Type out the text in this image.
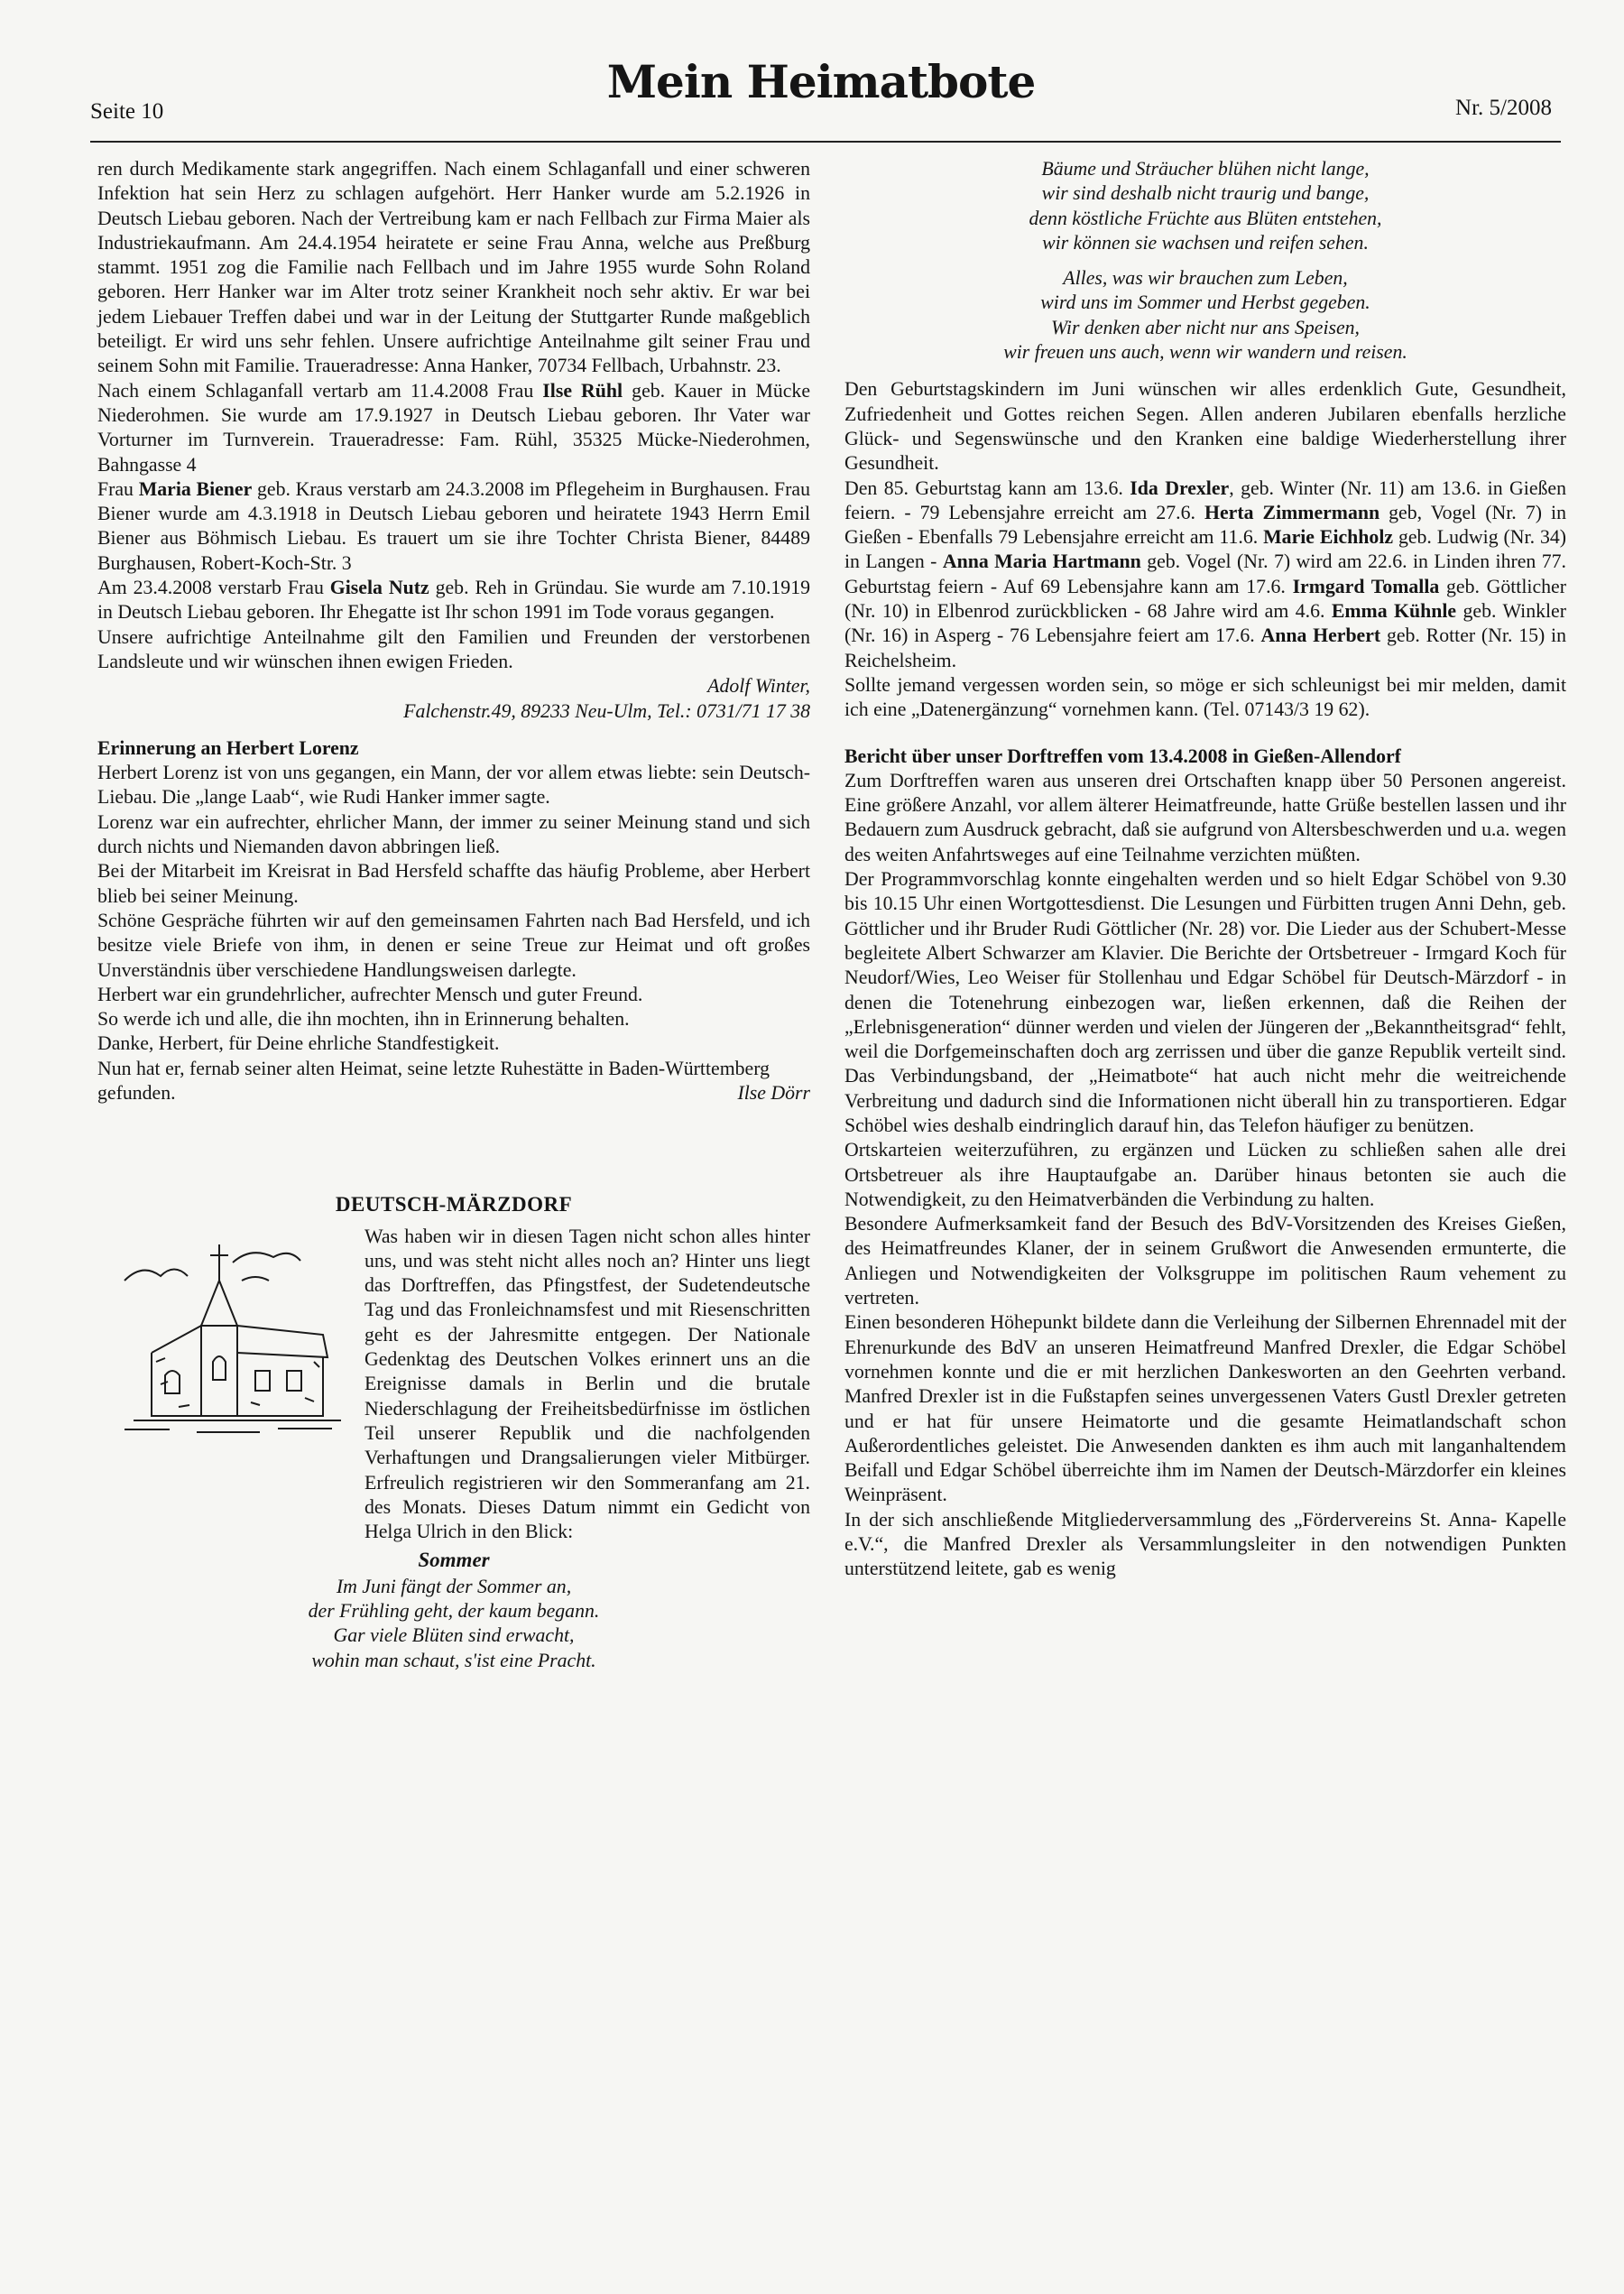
Seite 10
Mein Heimatbote	Nr. 5/2008

ren durch Medikamente stark angegriffen. Nach einem Schlaganfall und einer schweren Infektion hat sein Herz zu schlagen aufgehört. Herr Hanker wurde am 5.2.1926 in Deutsch Liebau geboren. Nach der Vertreibung kam er nach Fellbach zur Firma Maier als Industriekaufmann. Am 24.4.1954 heiratete er seine Frau Anna, welche aus Preßburg stammt. 1951 zog die Familie nach Fellbach und im Jahre 1955 wurde Sohn Roland geboren. Herr Hanker war im Alter trotz seiner Krankheit noch sehr aktiv. Er war bei jedem Liebauer Treffen dabei und war in der Leitung der Stuttgarter Runde maßgeblich beteiligt. Er wird uns sehr fehlen. Unsere aufrichtige Anteilnahme gilt seiner Frau und seinem Sohn mit Familie. Traueradresse: Anna Hanker, 70734 Fellbach, Urbahnstr. 23.

Nach einem Schlaganfall vertarb am 11.4.2008 Frau Ilse Rühl geb. Kauer in Mücke Niederohmen. Sie wurde am 17.9.1927 in Deutsch Liebau geboren. Ihr Vater war Vorturner im Turnverein. Traueradresse: Fam. Rühl, 35325 Mücke-Niederohmen, Bahngasse 4

Frau Maria Biener geb. Kraus verstarb am 24.3.2008 im Pflegeheim in Burghausen. Frau Biener wurde am 4.3.1918 in Deutsch Liebau geboren und heiratete 1943 Herrn Emil Biener aus Böhmisch Liebau. Es trauert um sie ihre Tochter Christa Biener, 84489 Burghausen, Robert-Koch-Str. 3

Am 23.4.2008 verstarb Frau Gisela Nutz geb. Reh in Gründau. Sie wurde am 7.10.1919 in Deutsch Liebau geboren. Ihr Ehegatte ist Ihr schon 1991 im Tode voraus gegangen.

Unsere aufrichtige Anteilnahme gilt den Familien und Freunden der verstorbenen Landsleute und wir wünschen ihnen ewigen Frieden.

Adolf Winter,

Falchenstr.49, 89233 Neu-Ulm, Tel.: 0731/71 17 38

Erinnerung an Herbert Lorenz

Herbert Lorenz ist von uns gegangen, ein Mann, der vor allem etwas liebte: sein Deutsch-Liebau. Die „lange Laab“, wie Rudi Hanker immer sagte.

Lorenz war ein aufrechter, ehrlicher Mann, der immer zu seiner Meinung stand und sich durch nichts und Niemanden davon abbringen ließ.

Bei der Mitarbeit im Kreisrat in Bad Hersfeld schaffte das häufig Probleme, aber Herbert blieb bei seiner Meinung.

Schöne Gespräche führten wir auf den gemeinsamen Fahrten nach Bad Hersfeld, und ich besitze viele Briefe von ihm, in denen er seine Treue zur Heimat und oft großes Unverständnis über verschiedene Handlungsweisen darlegte.

Herbert war ein grundehrlicher, aufrechter Mensch und guter Freund.

So werde ich und alle, die ihn mochten, ihn in Erinnerung behalten.

Danke, Herbert, für Deine ehrliche Standfestigkeit.

Nun hat er, fernab seiner alten Heimat, seine letzte Ruhestätte in Baden-Württemberg gefunden.	Ilse Dörr

DEUTSCH-MÄRZDORF

Was haben wir in diesen Tagen nicht schon alles hinter uns, und was steht nicht alles noch an? Hinter uns liegt das Dorftreffen, das Pfingstfest, der Sudetendeutsche Tag und das Fronleichnamsfest und mit Riesenschritten geht es der Jahresmitte entgegen. Der Nationale Gedenktag des Deutschen Volkes erinnert uns an die Ereignisse damals in Berlin und die brutale Niederschlagung der Freiheitsbedürfnisse im östlichen Teil unserer Republik und die nachfolgenden Verhaftungen und Drangsalierungen vieler Mitbürger. Erfreulich registrieren wir den Sommeranfang am 21. des Monats. Dieses Datum nimmt ein Gedicht von Helga Ulrich in den Blick:

Sommer

Im Juni fängt der Sommer an,

der Frühling geht, der kaum begann.

Gar viele Blüten sind erwacht,

wohin man schaut, s'ist eine Pracht.

Bäume und Sträucher blühen nicht lange,

wir sind deshalb nicht traurig und bange,

denn köstliche Früchte aus Blüten entstehen,

wir können sie wachsen und reifen sehen.

Alles, was wir brauchen zum Leben,

wird uns im Sommer und Herbst gegeben.

Wir denken aber nicht nur ans Speisen,

wir freuen uns auch, wenn wir wandern und reisen.

Den Geburtstagskindern im Juni wünschen wir alles erdenklich Gute, Gesundheit, Zufriedenheit und Gottes reichen Segen. Allen anderen Jubilaren ebenfalls herzliche Glück- und Segenswünsche und den Kranken eine baldige Wiederherstellung ihrer Gesundheit.

Den 85. Geburtstag kann am 13.6. Ida Drexler, geb. Winter (Nr. 11) am 13.6. in Gießen feiern. - 79 Lebensjahre erreicht am 27.6. Herta Zimmermann geb, Vogel (Nr. 7) in Gießen - Ebenfalls 79 Lebensjahre erreicht am 11.6. Marie Eichholz geb. Ludwig (Nr. 34) in Langen - Anna Maria Hartmann geb. Vogel (Nr. 7) wird am 22.6. in Linden ihren 77. Geburtstag feiern - Auf 69 Lebensjahre kann am 17.6. Irmgard Tomalla geb. Göttlicher (Nr. 10) in Elbenrod zurückblicken - 68 Jahre wird am 4.6. Emma Kühnle geb. Winkler (Nr. 16) in Asperg - 76 Lebensjahre feiert am 17.6. Anna Herbert geb. Rotter (Nr. 15) in Reichelsheim.

Sollte jemand vergessen worden sein, so möge er sich schleunigst bei mir melden, damit ich eine „Datenergänzung“ vornehmen kann. (Tel. 07143/3 19 62).

Bericht über unser Dorftreffen vom 13.4.2008 in Gießen-Allendorf

Zum Dorftreffen waren aus unseren drei Ortschaften knapp über 50 Personen angereist. Eine größere Anzahl, vor allem älterer Heimatfreunde, hatte Grüße bestellen lassen und ihr Bedauern zum Ausdruck gebracht, daß sie aufgrund von Altersbeschwerden und u.a. wegen des weiten Anfahrtsweges auf eine Teilnahme verzichten müßten.

Der Programmvorschlag konnte eingehalten werden und so hielt Edgar Schöbel von 9.30 bis 10.15 Uhr einen Wortgottesdienst. Die Lesungen und Fürbitten trugen Anni Dehn, geb. Göttlicher und ihr Bruder Rudi Göttlicher (Nr. 28) vor. Die Lieder aus der Schubert-Messe begleitete Albert Schwarzer am Klavier. Die Berichte der Ortsbetreuer - Irmgard Koch für Neudorf/Wies, Leo Weiser für Stollenhau und Edgar Schöbel für Deutsch-Märzdorf - in denen die Totenehrung einbezogen war, ließen erkennen, daß die Reihen der „Erlebnisgeneration“ dünner werden und vielen der Jüngeren der „Bekanntheitsgrad“ fehlt, weil die Dorfgemeinschaften doch arg zerrissen und über die ganze Republik verteilt sind. Das Verbindungsband, der „Heimatbote“ hat auch nicht mehr die weitreichende Verbreitung und dadurch sind die Informationen nicht überall hin zu transportieren. Edgar Schöbel wies deshalb eindringlich darauf hin, das Telefon häufiger zu benützen.

Ortskarteien weiterzuführen, zu ergänzen und Lücken zu schließen sahen alle drei Ortsbetreuer als ihre Hauptaufgabe an. Darüber hinaus betonten sie auch die Notwendigkeit, zu den Heimatverbänden die Verbindung zu halten.

Besondere Aufmerksamkeit fand der Besuch des BdV-Vorsitzenden des Kreises Gießen, des Heimatfreundes Klaner, der in seinem Grußwort die Anwesenden ermunterte, die Anliegen und Notwendigkeiten der Volksgruppe im politischen Raum vehement zu vertreten.

Einen besonderen Höhepunkt bildete dann die Verleihung der Silbernen Ehrennadel mit der Ehrenurkunde des BdV an unseren Heimatfreund Manfred Drexler, die Edgar Schöbel vornehmen konnte und die er mit herzlichen Dankesworten an den Geehrten verband. Manfred Drexler ist in die Fußstapfen seines unvergessenen Vaters Gustl Drexler getreten und er hat für unsere Heimatorte und die gesamte Heimatlandschaft schon Außerordentliches geleistet. Die Anwesenden dankten es ihm auch mit langanhaltendem Beifall und Edgar Schöbel überreichte ihm im Namen der Deutsch-Märzdorfer ein kleines Weinpräsent.

In der sich anschließende Mitgliederversammlung des „Fördervereins St. Anna- Kapelle e.V.“, die Manfred Drexler als Versammlungsleiter in den notwendigen Punkten unterstützend leitete, gab es wenig
